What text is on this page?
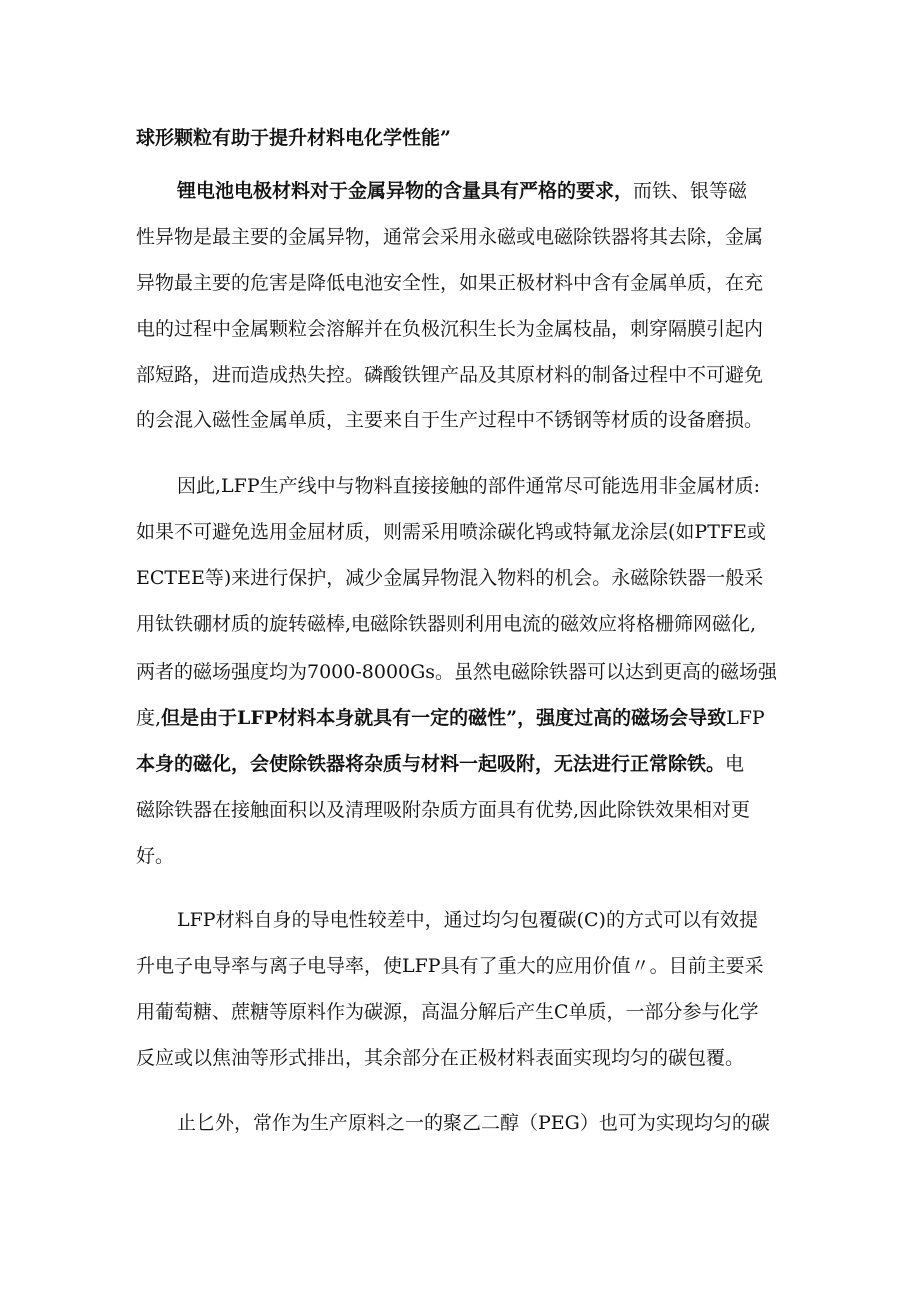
球形颗粒有助于提升材料电化学性能”
锂电池电极材料对于金属异物的含量具有严格的要求，而铁、银等磁
性异物是最主要的金属异物，通常会采用永磁或电磁除铁器将其去除，金属
异物最主要的危害是降低电池安全性，如果正极材料中含有金属单质，在充
电的过程中金属颗粒会溶解并在负极沉积生长为金属枝晶，刺穿隔膜引起内
部短路，进而造成热失控。磷酸铁锂产品及其原材料的制备过程中不可避免
的会混入磁性金属单质，主要来自于生产过程中不锈钢等材质的设备磨损。
因此,LFP生产线中与物料直接接触的部件通常尽可能选用非金属材质:
如果不可避免选用金屈材质，则需采用喷涂碳化鸨或特氟龙涂层(如PTFE或
ECTEE等)来进行保护，减少金属异物混入物料的机会。永磁除铁器一般采
用钛铁硼材质的旋转磁棒,电磁除铁器则利用电流的磁效应将格栅筛网磁化,
两者的磁场强度均为7000-8000Gs。虽然电磁除铁器可以达到更高的磁场强
度,但是由于LFP材料本身就具有一定的磁性”，强度过高的磁场会导致LFP
本身的磁化，会使除铁器将杂质与材料一起吸附，无法进行正常除铁。电
磁除铁器在接触面积以及清理吸附杂质方面具有优势,因此除铁效果相对更
好。
LFP材料自身的导电性较差中，通过均匀包覆碳(C)的方式可以有效提
升电子电导率与离子电导率，使LFP具有了重大的应用价值〃。目前主要采
用葡萄糖、蔗糖等原料作为碳源，高温分解后产生C单质，一部分参与化学
反应或以焦油等形式排出，其余部分在正极材料表面实现均匀的碳包覆。
止匕外，常作为生产原料之一的聚乙二醇（PEG）也可为实现均匀的碳
